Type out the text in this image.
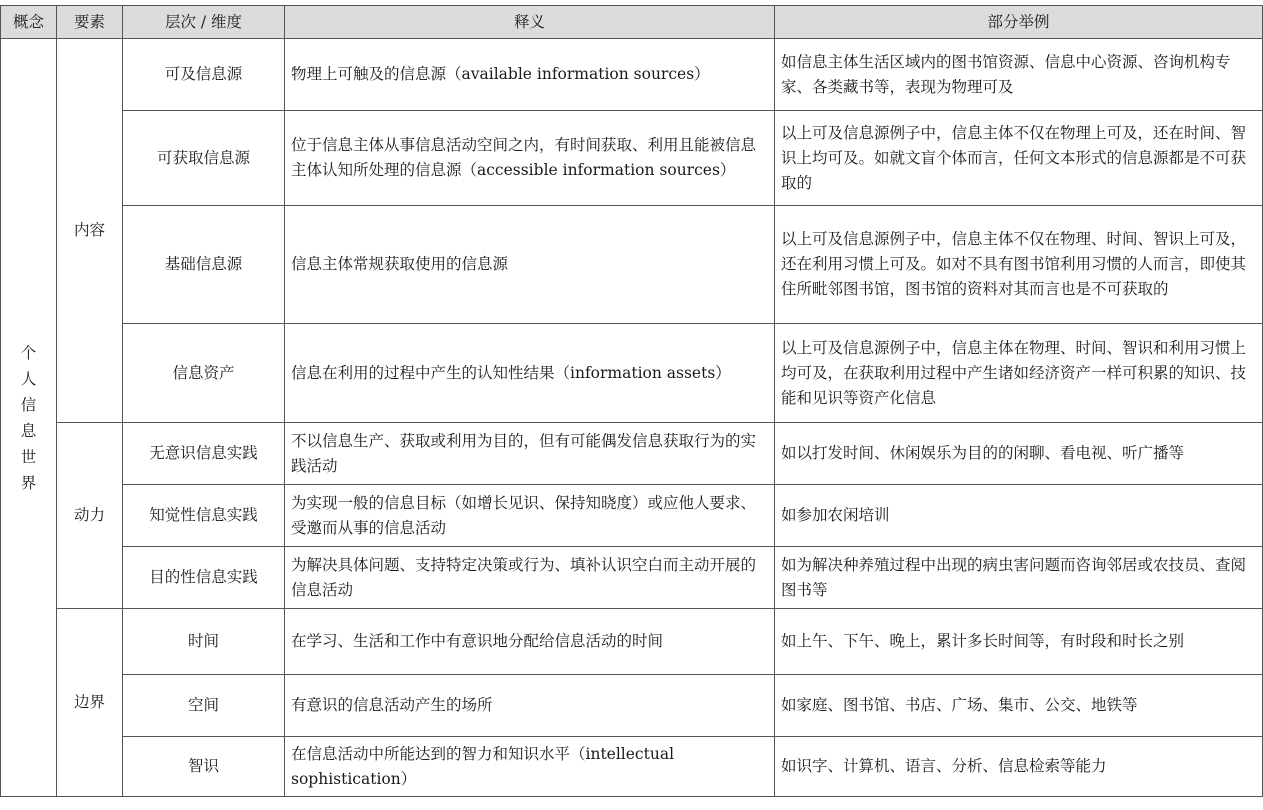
概念	要素	层次 / 维度	释义	部分举例

个人信息世界	内容	可及信息源	物理上可触及的信息源（available information sources）	如信息主体生活区域内的图书馆资源、信息中心资源、咨询机构专家、各类藏书等，表现为物理可及
		可获取信息源	位于信息主体从事信息活动空间之内，有时间获取、利用且能被信息主体认知所处理的信息源（accessible information sources）	以上可及信息源例子中，信息主体不仅在物理上可及，还在时间、智识上均可及。如就文盲个体而言，任何文本形式的信息源都是不可获取的
		基础信息源	信息主体常规获取使用的信息源	以上可及信息源例子中，信息主体不仅在物理、时间、智识上可及，还在利用习惯上可及。如对不具有图书馆利用习惯的人而言，即使其住所毗邻图书馆，图书馆的资料对其而言也是不可获取的
		信息资产	信息在利用的过程中产生的认知性结果（information assets）	以上可及信息源例子中，信息主体在物理、时间、智识和利用习惯上均可及，在获取利用过程中产生诸如经济资产一样可积累的知识、技能和见识等资产化信息
	动力	无意识信息实践	不以信息生产、获取或利用为目的，但有可能偶发信息获取行为的实践活动	如以打发时间、休闲娱乐为目的的闲聊、看电视、听广播等
		知觉性信息实践	为实现一般的信息目标（如增长见识、保持知晓度）或应他人要求、受邀而从事的信息活动	如参加农闲培训
		目的性信息实践	为解决具体问题、支持特定决策或行为、填补认识空白而主动开展的信息活动	如为解决种养殖过程中出现的病虫害问题而咨询邻居或农技员、查阅图书等
	边界	时间	在学习、生活和工作中有意识地分配给信息活动的时间	如上午、下午、晚上，累计多长时间等，有时段和时长之别
		空间	有意识的信息活动产生的场所	如家庭、图书馆、书店、广场、集市、公交、地铁等
		智识	在信息活动中所能达到的智力和知识水平（intellectual sophistication）	如识字、计算机、语言、分析、信息检索等能力
